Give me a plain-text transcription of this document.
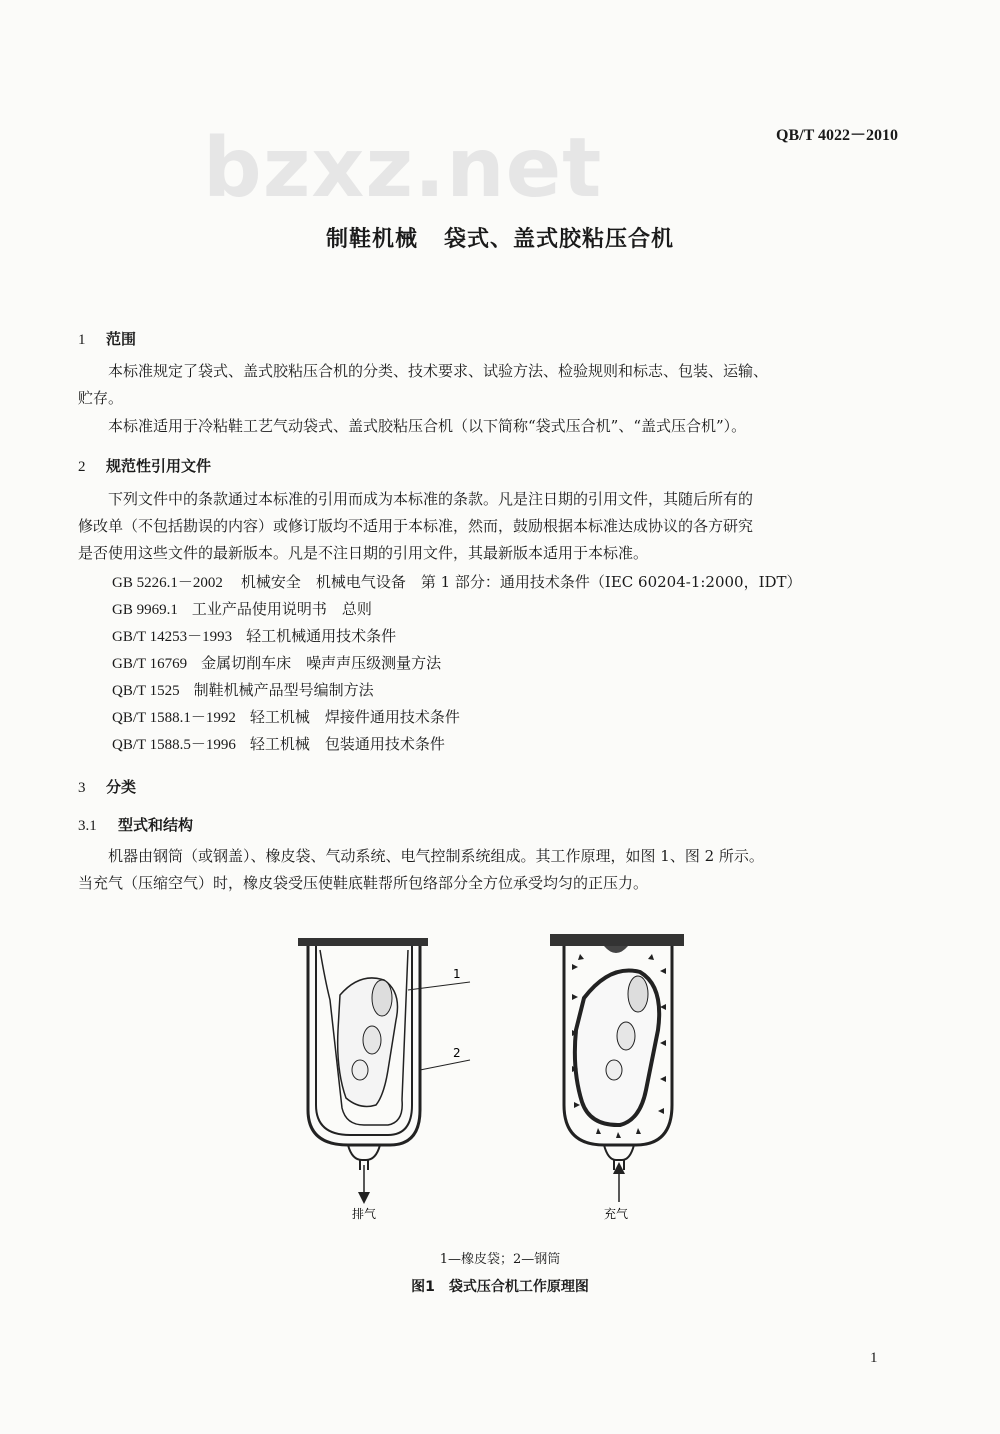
bzxz.net	QB/T 4022－2010
制鞋机械 袋式、盖式胶粘压合机
1 范围
本标准规定了袋式、盖式胶粘压合机的分类、技术要求、试验方法、检验规则和标志、包装、运输、
贮存。
本标准适用于冷粘鞋工艺气动袋式、盖式胶粘压合机（以下简称“袋式压合机”、“盖式压合机”）。
2 规范性引用文件
下列文件中的条款通过本标准的引用而成为本标准的条款。凡是注日期的引用文件，其随后所有的
修改单（不包括勘误的内容）或修订版均不适用于本标准，然而，鼓励根据本标准达成协议的各方研究
是否使用这些文件的最新版本。凡是不注日期的引用文件，其最新版本适用于本标准。
GB 5226.1－2002 机械安全　机械电气设备　第 1 部分：通用技术条件（IEC 60204-1:2000，IDT）
GB 9969.1 工业产品使用说明书　总则
GB/T 14253－1993 轻工机械通用技术条件
GB/T 16769 金属切削车床　噪声声压级测量方法
QB/T 1525 制鞋机械产品型号编制方法
QB/T 1588.1－1992 轻工机械　焊接件通用技术条件
QB/T 1588.5－1996 轻工机械　包装通用技术条件
3 分类
3.1 型式和结构
机器由钢筒（或钢盖）、橡皮袋、气动系统、电气控制系统组成。其工作原理，如图 1、图 2 所示。
当充气（压缩空气）时，橡皮袋受压使鞋底鞋帮所包络部分全方位承受均匀的正压力。
1
2
排气	充气
1—橡皮袋；2—钢筒
图1 袋式压合机工作原理图
1
